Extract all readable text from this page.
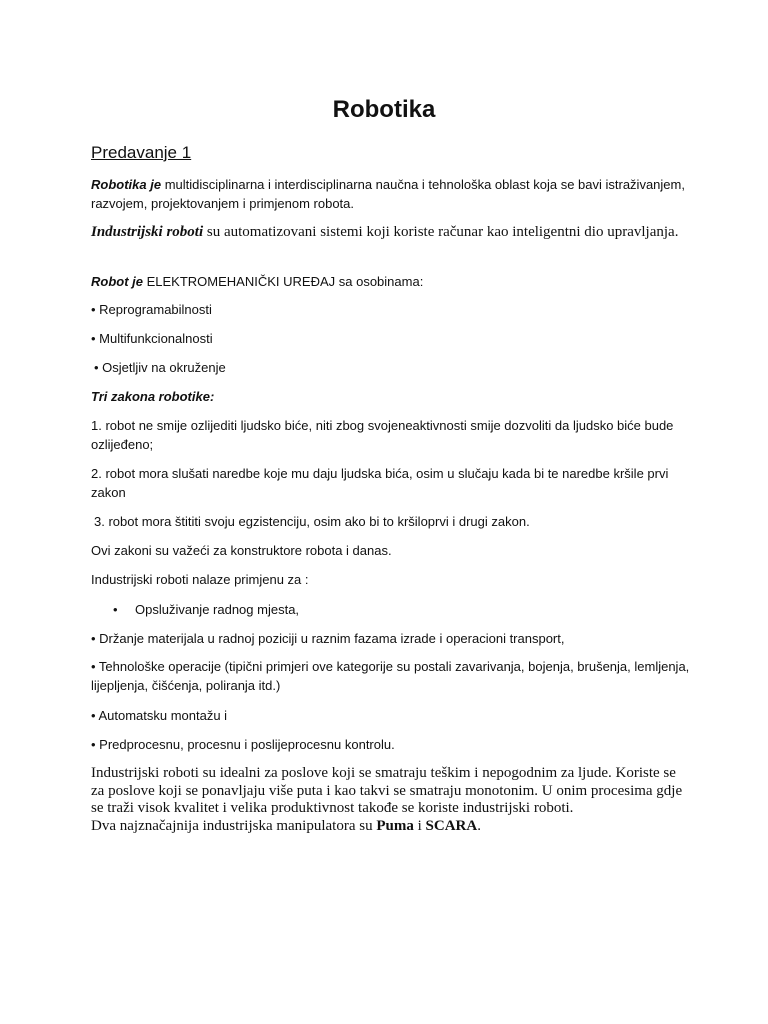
Robotika
Predavanje 1

Robotika je multidisciplinarna i interdisciplinarna naučna i tehnološka oblast koja se bavi istraživanjem, razvojem, projektovanjem i primjenom robota.

Industrijski roboti su automatizovani sistemi koji koriste računar kao inteligentni dio upravljanja.

Robot je ELEKTROMEHANIČKI UREĐAJ sa osobinama:

• Reprogramabilnosti

• Multifunkcionalnosti

• Osjetljiv na okruženje

Tri zakona robotike:

1. robot ne smije ozlijediti ljudsko biće, niti zbog svojeneaktivnosti smije dozvoliti da ljudsko biće bude ozlijeđeno;

2. robot mora slušati naredbe koje mu daju ljudska bića, osim u slučaju kada bi te naredbe kršile prvi zakon

3. robot mora štititi svoju egzistenciju, osim ako bi to kršiloprvi i drugi zakon.

Ovi zakoni su važeći za konstruktore robota i danas.

Industrijski roboti nalaze primjenu za :

• Opsluživanje radnog mjesta,

• Držanje materijala u radnoj poziciji u raznim fazama izrade i operacioni transport,

• Tehnološke operacije (tipični primjeri ove kategorije su postali zavarivanja, bojenja, brušenja, lemljenja, lijepljenja, čišćenja, poliranja itd.)

• Automatsku montažu i

• Predprocesnu, procesnu i poslijeprocesnu kontrolu.

Industrijski roboti su idealni za poslove koji se smatraju teškim i nepogodnim za ljude. Koriste se za poslove koji se ponavljaju više puta i kao takvi se smatraju monotonim. U onim procesima gdje se traži visok kvalitet i velika produktivnost takođe se koriste industrijski roboti.
Dva najznačajnija industrijska manipulatora su Puma i SCARA.
